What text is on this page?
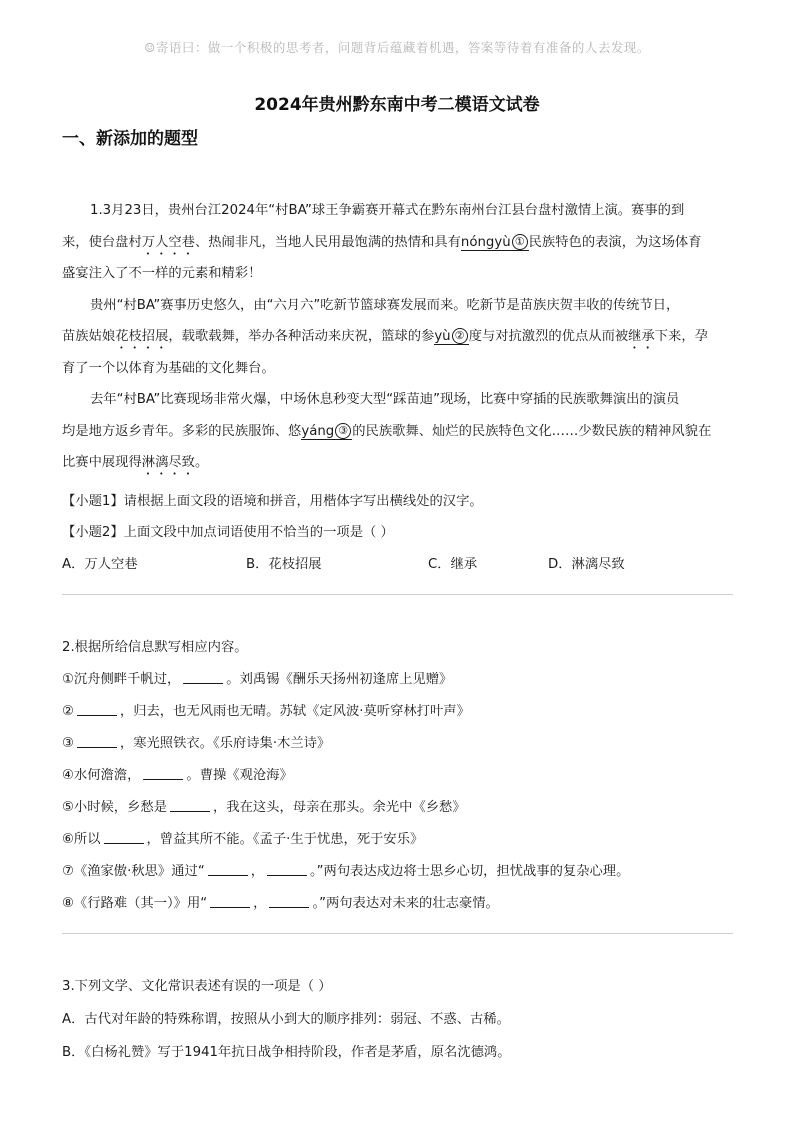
☺寄语曰：做一个积极的思考者，问题背后蕴藏着机遇，答案等待着有准备的人去发现。
2024年贵州黔东南中考二模语文试卷
一、新添加的题型

1.3月23日，贵州台江2024年“村BA”球王争霸赛开幕式在黔东南州台江县台盘村激情上演。赛事的到
来，使台盘村万人空巷、热闹非凡，当地人民用最饱满的热情和具有nóngyù ① 民族特色的表演，为这场体育
盛宴注入了不一样的元素和精彩！

贵州“村BA”赛事历史悠久，由“六月六”吃新节篮球赛发展而来。吃新节是苗族庆贺丰收的传统节日，
苗族姑娘花枝招展，载歌载舞，举办各种活动来庆祝，篮球的参yù ② 度与对抗激烈的优点从而被继承下来，孕
育了一个以体育为基础的文化舞台。

去年“村BA”比赛现场非常火爆，中场休息秒变大型“踩苗迪”现场，比赛中穿插的民族歌舞演出的演员
均是地方返乡青年。多彩的民族服饰、悠yáng ③ 的民族歌舞、灿烂的民族特色文化……少数民族的精神风貌在
比赛中展现得淋漓尽致。

【小题1】请根据上面文段的语境和拼音，用楷体字写出横线处的汉字。
【小题2】上面文段中加点词语使用不恰当的一项是（ ）
A．万人空巷	B．花枝招展	C．继承	D．淋漓尽致
2.根据所给信息默写相应内容。
①沉舟侧畔千帆过，	。刘禹锡《酬乐天扬州初逢席上见赠》
②	，归去，也无风雨也无晴。苏轼《定风波·莫听穿林打叶声》
③	，寒光照铁衣。《乐府诗集·木兰诗》
④水何澹澹，	。曹操《观沧海》
⑤小时候，乡愁是	，我在这头，母亲在那头。余光中《乡愁》
⑥所以	，曾益其所不能。《孟子·生于忧患，死于安乐》
⑦《渔家傲·秋思》通过“	，	。”两句表达戍边将士思乡心切，担忧战事的复杂心理。
⑧《行路难（其一）》用“	，	。”两句表达对未来的壮志豪情。
3.下列文学、文化常识表述有误的一项是（ ）
A．古代对年龄的特殊称谓，按照从小到大的顺序排列：弱冠、不惑、古稀。
B．《白杨礼赞》写于1941年抗日战争相持阶段，作者是茅盾，原名沈德鸿。
